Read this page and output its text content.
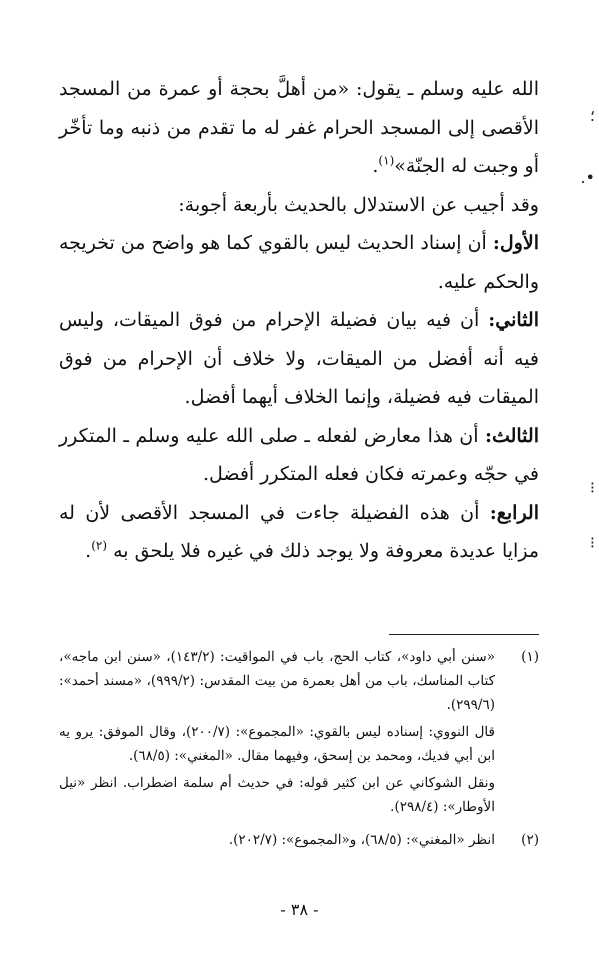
؛
•.
⁝
⁝

الله عليه وسلم ـ يقول: «من أهلَّ بحجة أو عمرة من المسجد الأقصى إلى المسجد الحرام غفر له ما تقدم من ذنبه وما تأخّر أو وجبت له الجنّة»$^{(١)}$.

وقد أجيب عن الاستدلال بالحديث بأربعة أجوبة:

الأول: أن إسناد الحديث ليس بالقوي كما هو واضح من تخريجه والحكم عليه.

الثاني: أن فيه بيان فضيلة الإحرام من فوق الميقات، وليس فيه أنه أفضل من الميقات، ولا خلاف أن الإحرام من فوق الميقات فيه فضيلة، وإنما الخلاف أيهما أفضل.

الثالث: أن هذا معارض لفعله ـ صلى الله عليه وسلم ـ المتكرر في حجّه وعمرته فكان فعله المتكرر أفضل.

الرابع: أن هذه الفضيلة جاءت في المسجد الأقصى لأن له مزايا عديدة معروفة ولا يوجد ذلك في غيره فلا يلحق به $^{(٢)}$.

(١)

«سنن أبي داود»، كتاب الحج، باب في المواقيت: (١٤٣/٢)، «سنن ابن ماجه»، كتاب المناسك، باب من أهل بعمرة من بيت المقدس: (٩٩٩/٢)، «مسند أحمد»: (٢٩٩/٦).

قال النووي: إسناده ليس بالقوي: «المجموع»: (٢٠٠/٧)، وقال الموفق: يرو يه ابن أبي فديك، ومحمد بن إسحق، وفيهما مقال. «المغني»: (٦٨/٥).

ونقل الشوكاني عن ابن كثير قوله: في حديث أم سلمة اضطراب. انظر «نيل الأوطار»: (٢٩٨/٤).

(٢)

انظر «المغني»: (٦٨/٥)، و«المجموع»: (٢٠٢/٧).

- ٣٨ -
